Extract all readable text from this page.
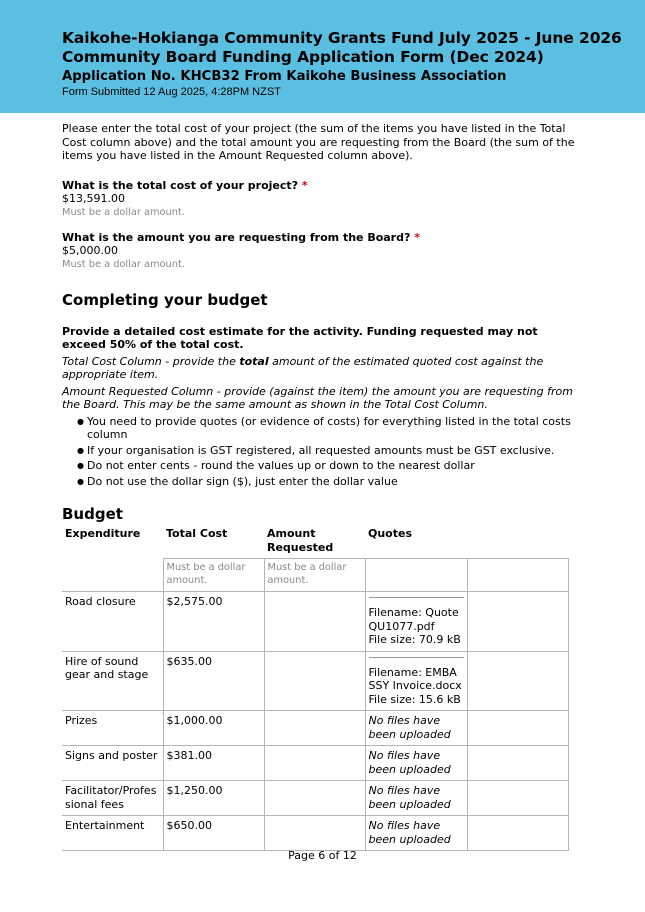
Kaikohe-Hokianga Community Grants Fund July 2025 - June 2026
Community Board Funding Application Form (Dec 2024)
Application No. KHCB32 From Kaikohe Business Association
Form Submitted 12 Aug 2025, 4:28PM NZST

Please enter the total cost of your project (the sum of the items you have listed in the Total Cost column above) and the total amount you are requesting from the Board (the sum of the items you have listed in the Amount Requested column above).

What is the total cost of your project? *
$13,591.00
Must be a dollar amount.
What is the amount you are requesting from the Board? *
$5,000.00
Must be a dollar amount.
Completing your budget

Provide a detailed cost estimate for the activity. Funding requested may not exceed 50% of the total cost.

Total Cost Column - provide the total amount of the estimated quoted cost against the appropriate item.

Amount Requested Column - provide (against the item) the amount you are requesting from the Board. This may be the same amount as shown in the Total Cost Column.

● You need to provide quotes (or evidence of costs) for everything listed in the total costs column
● If your organisation is GST registered, all requested amounts must be GST exclusive.
● Do not enter cents - round the values up or down to the nearest dollar
● Do not use the dollar sign ($), just enter the dollar value
Budget
Expenditure	Total Cost	Amount Requested	Quotes	
	Must be a dollar amount.	Must be a dollar amount.		
Road closure	$2,575.00		Filename: Quote QU1077.pdf
File size: 70.9 kB	

Hire of sound gear and stage	$635.00		Filename: EMBA SSY Invoice.docx
File size: 15.6 kB	

Prizes	$1,000.00		No files have been uploaded	
Signs and poster	$381.00		No files have been uploaded	
Facilitator/Profes sional fees	$1,250.00		No files have been uploaded	
Entertainment	$650.00		No files have been uploaded	
Page 6 of 12
